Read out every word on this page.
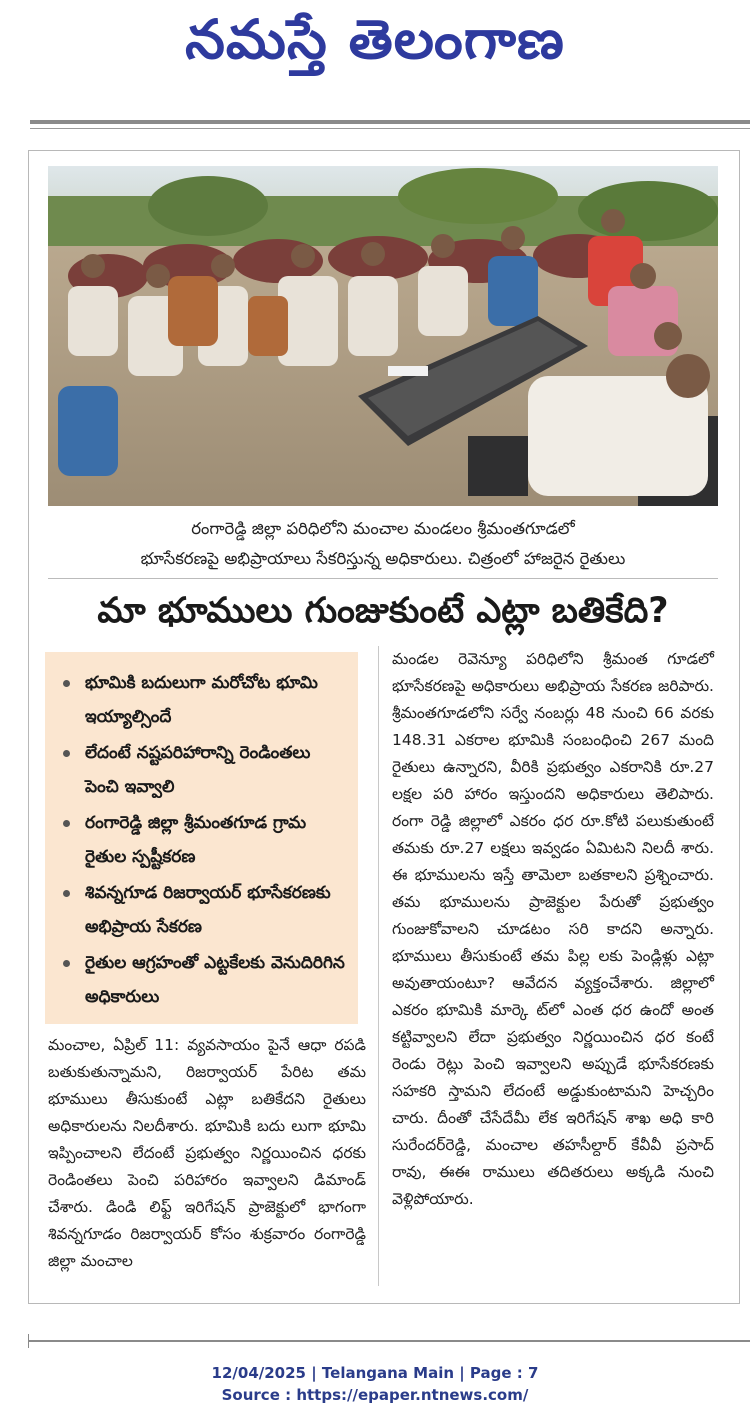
నమస్తే తెలంగాణ
రంగారెడ్డి జిల్లా పరిధిలోని మంచాల మండలం శ్రీమంతగూడలో
భూసేకరణపై అభిప్రాయాలు సేకరిస్తున్న అధికారులు. చిత్రంలో హాజరైన రైతులు
మా భూములు గుంజుకుంటే ఎట్లా బతికేది?
భూమికి బదులుగా మరోచోట భూమి ఇయ్యాల్సిందే
లేదంటే నష్టపరిహారాన్ని రెండింతలు పెంచి ఇవ్వాలి
రంగారెడ్డి జిల్లా శ్రీమంతగూడ గ్రామ రైతుల స్పష్టీకరణ
శివన్నగూడ రిజర్వాయర్ భూసేకరణకు అభిప్రాయ సేకరణ
రైతుల ఆగ్రహంతో ఎట్టకేలకు వెనుదిరిగిన అధికారులు

మంచాల, ఏప్రిల్ 11: వ్యవసాయం పైనే ఆధా రపడి బతుకుతున్నామని, రిజర్వాయర్ పేరిట తమ భూములు తీసుకుంటే ఎట్లా బతికేదని రైతులు అధికారులను నిలదీశారు. భూమికి బదు లుగా భూమి ఇప్పించాలని లేదంటే ప్రభుత్వం నిర్ణయించిన ధరకు రెండింతలు పెంచి పరిహారం ఇవ్వాలని డిమాండ్ చేశారు. డిండి లిఫ్ట్ ఇరిగేషన్ ప్రాజెక్టులో భాగంగా శివన్నగూడం రిజర్వాయర్ కోసం శుక్రవారం రంగారెడ్డి జిల్లా మంచాల

మండల రెవెన్యూ పరిధిలోని శ్రీమంత గూడలో భూసేకరణపై అధికారులు అభిప్రాయ సేకరణ జరిపారు. శ్రీమంతగూడలోని సర్వే నంబర్లు 48 నుంచి 66 వరకు 148.31 ఎకరాల భూమికి సంబంధించి 267 మంది రైతులు ఉన్నారని, వీరికి ప్రభుత్వం ఎకరానికి రూ.27 లక్షల పరి హారం ఇస్తుందని అధికారులు తెలిపారు. రంగా రెడ్డి జిల్లాలో ఎకరం ధర రూ.కోటి పలుకుతుంటే తమకు రూ.27 లక్షలు ఇవ్వడం ఏమిటని నిలదీ శారు. ఈ భూములను ఇస్తే తామెలా బతకాలని ప్రశ్నించారు. తమ భూములను ప్రాజెక్టుల పేరుతో ప్రభుత్వం గుంజుకోవాలని చూడటం సరి కాదని అన్నారు. భూములు తీసుకుంటే తమ పిల్ల లకు పెండ్లిళ్లు ఎట్లా అవుతాయంటూ? ఆవేదన వ్యక్తంచేశారు. జిల్లాలో ఎకరం భూమికి మార్కె ట్‌లో ఎంత ధర ఉందో అంత కట్టివ్వాలని లేదా ప్రభుత్వం నిర్ణయించిన ధర కంటే రెండు రెట్లు పెంచి ఇవ్వాలని అప్పుడే భూసేకరణకు సహకరి స్తామని లేదంటే అడ్డుకుంటామని హెచ్చరిం చారు. దీంతో చేసేదేమీ లేక ఇరిగేషన్ శాఖ అధి కారి సురేందర్‌రెడ్డి, మంచాల తహసీల్దార్ కేవీవీ ప్రసాద్ రావు, ఈఈ రాములు తదితరులు అక్కడి నుంచి వెళ్లిపోయారు.

12/04/2025 | Telangana Main | Page : 7
Source : https://epaper.ntnews.com/
